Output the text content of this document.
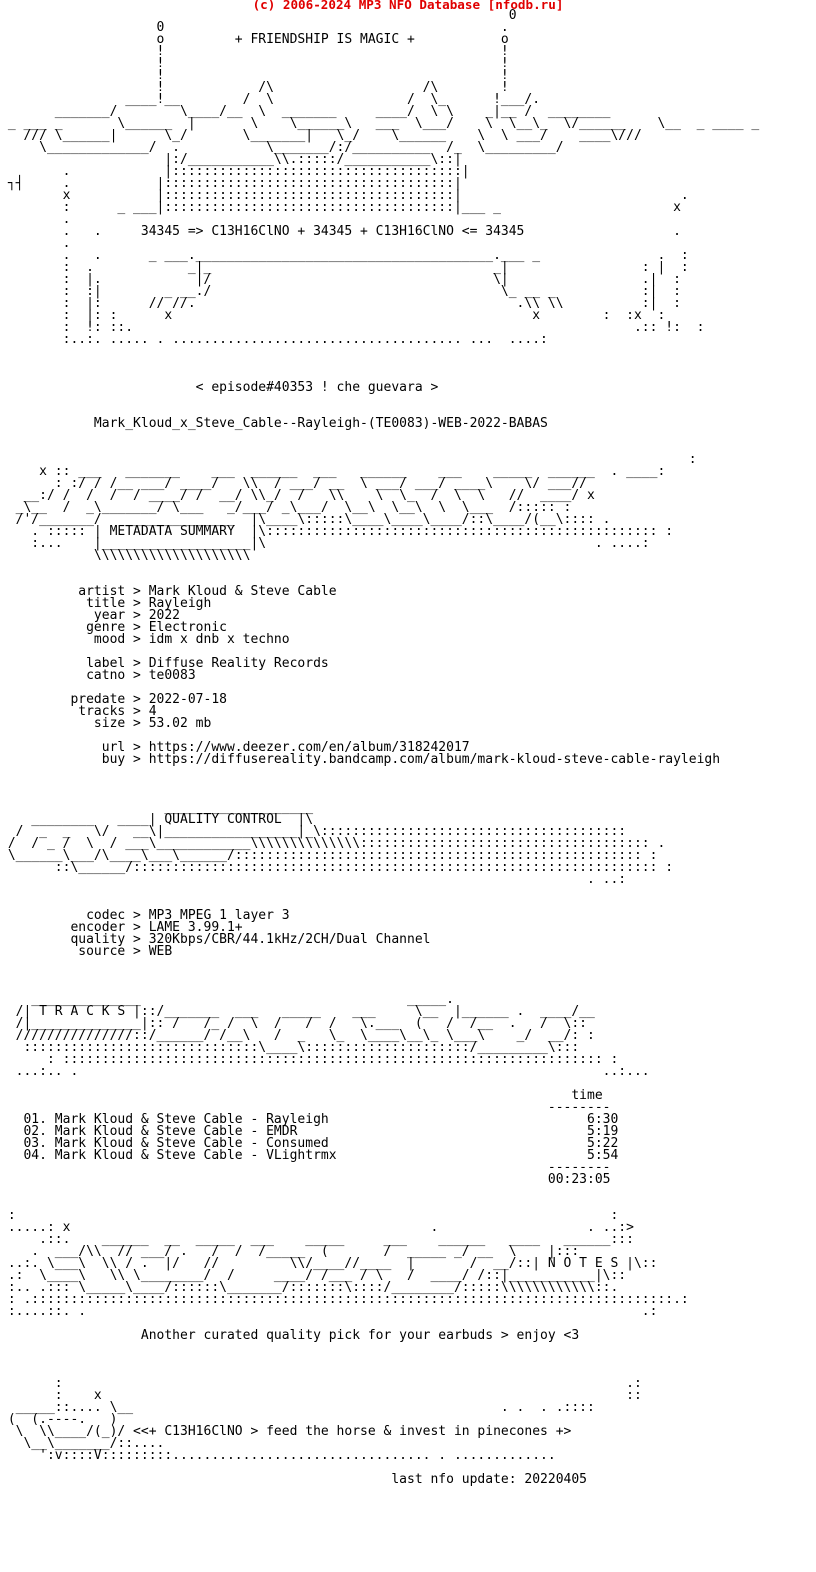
(c) 2006-2024 MP3 NFO Database [nfodb.ru]
0
0                                           .
o         + FRIENDSHIP IS MAGIC +           o
!                                           !
!                                           !
!                                           !
!            /\                   /\        !
____!__        /  \                 /  \_      !___/.
_______/        \____/__  \  _______     ____/  \ \    _|__ /  ________
_ ___ _       \______  |       \    \______\   ___  \___/    \  \__\_  \/______    \__  _ ____ _
/// \______|      \_/       \_______|   \_/    \______    \  \ ___/    ____\///
\_____________/  .           \_______/:/__________  /_  \_________/
|:/___________\\.:::::/___________\::|
.            |:::::::::::::::::::::::::::::::::::::|
┐┤     .           |:::::::::::::::::::::::::::::::::::::|
x           |:::::::::::::::::::::::::::::::::::::|                            .
:      _ ___|:::::::::::::::::::::::::::::::::::::|___ _                      x
.
.   .     34345 => C13H16ClNO + 34345 + C13H16ClNO <= 34345                   .
.
.   .      _ ___.______________________________________.___ _               .  :
:  .            _|_                                    _|                 : |  :
:  |.            |/                                    \|                 .|  :
:  :|        _ __./                                     \_ __ _           :|  :
:  |:      // //.                                         .\\ \\          :|  :
:  |: :      x                                              x        :  :x  :
:  !: ::.                                                                .:: !:  :
:..:. ..... . ..................................... ...  ....:

< episode#40353 ! che guevara >

Mark_Kloud_x_Steve_Cable--Rayleigh-(TE0083)-WEB-2022-BABAS

:
x :: ___   _______    ___  ______  ___   ______    ___    _____  ______  . ____:
: :/ / /__ ___/ ____/   \\  / ___/ __  \ ___/ ___/ ____\    \/ ___//
__:/ /  /  /  / ____/ /  __/ \\_/  /   \\    \  \_  /  \  \   //  ____/ x
_\__  /  _\_______/ \___   _/___/ _\___/  \__\  \__\  \  \___  /::::: :
/'/_______/   ______________  |\____\:::::\____\____\____/::\____/(__\:::: .
. ::::: | METADATA SUMMARY  |\:::::::::::::::::::::::::::::::::::::::::::::::::: :
:...    |___________________|\                                          . ....:
\\\\\\\\\\\\\\\\\\\\

artist > Mark Kloud & Steve Cable
title > Rayleigh
year > 2022
genre > Electronic
mood > idm x dnb x techno

label > Diffuse Reality Records
catno > te0083

predate > 2022-07-18
tracks > 4
size > 53.02 mb

url > https://www.deezer.com/en/album/318242017
buy > https://diffusereality.bandcamp.com/album/mark-kloud-steve-cable-rayleigh

___________________
________   ____| QUALITY CONTROL  |\
/  _  _   \/   __\|_________________|_\:::::::::::::::::::::::::::::::::::::::
/  / _ /  \  / ___\____________\\\\\\\\\\\\\\::::::::::::::::::::::::::::::::::::: .
\______\___/\____\___\______/:::::::::::::::::::::::::::::::::::::::::::::::::::: :
::\______/::::::::::::::::::::::::::::::::::::::::::::::::::::::::::::::::::: :
. ..:

codec > MP3 MPEG 1 layer 3
encoder > LAME 3.99.1+
quality > 320Kbps/CBR/44.1kHz/2CH/Dual Channel
source > WEB

______________                                  _____.
/| T R A C K S |::/_______  ___   _____    ___     \__  |______ .  ____/__
/|______________|:: /   /_ /  \  /   /  /   \.___  (   /  /__  .   /  \::
///////////////::/______/ /__\   /  _   \_  \____\__\_ \___\    _/  __/: :
::::::::::::::::::::::::::::::\____\:::::::::::::::::::::/_________\:::
: ::::::::::::::::::::::::::::::::::::::::::::::::::::::::::::::::::::: :
...:.. .                                                                   ..:...

time
--------
01. Mark Kloud & Steve Cable - Rayleigh                                 6:30
02. Mark Kloud & Steve Cable - EMDR                                     5:19
03. Mark Kloud & Steve Cable - Consumed                                 5:22
04. Mark Kloud & Steve Cable - VLightrmx                                5:54
--------
00:23:05

:                                                                            :
.....: x                                              .                   . ..:>
.::.    ______  __  _____  ___    _____     ___    ______   ____   ______:::
.  ___/\\  // ___/ .   /  /  /_____  (       /  _____ _/ __  \    |:::
..:. \___\  \\ / .  |/   //         \\/____//____  |       /  __/::| N O T E S |\::
.:  \____\   \\ \________/  /     ____/ /___ / \   /  ____/ /::|___________|\::
:.. .::: \_____\____/::::::\_______/:::::::\::::/________/:::::\\\\\\\\\\\\::.
: .::::::::::::::::::::::::::::::::::::::::::::::::::::::::::::::::::::::::::::::::::.:
:....::. .                                                                       .:

Another curated quality pick for your earbuds > enjoy <3

:                                                                        .:
:    x                                                                   ::
_____::.... \__                                               . .  . .::::
(  (.----.   )
\  \\____/(_)/ <<+ C13H16ClNO > feed the horse & invest in pinecones +>
\__\_______/::....
':v::::V:::::::::................................. . .............

last nfo update: 20220405
